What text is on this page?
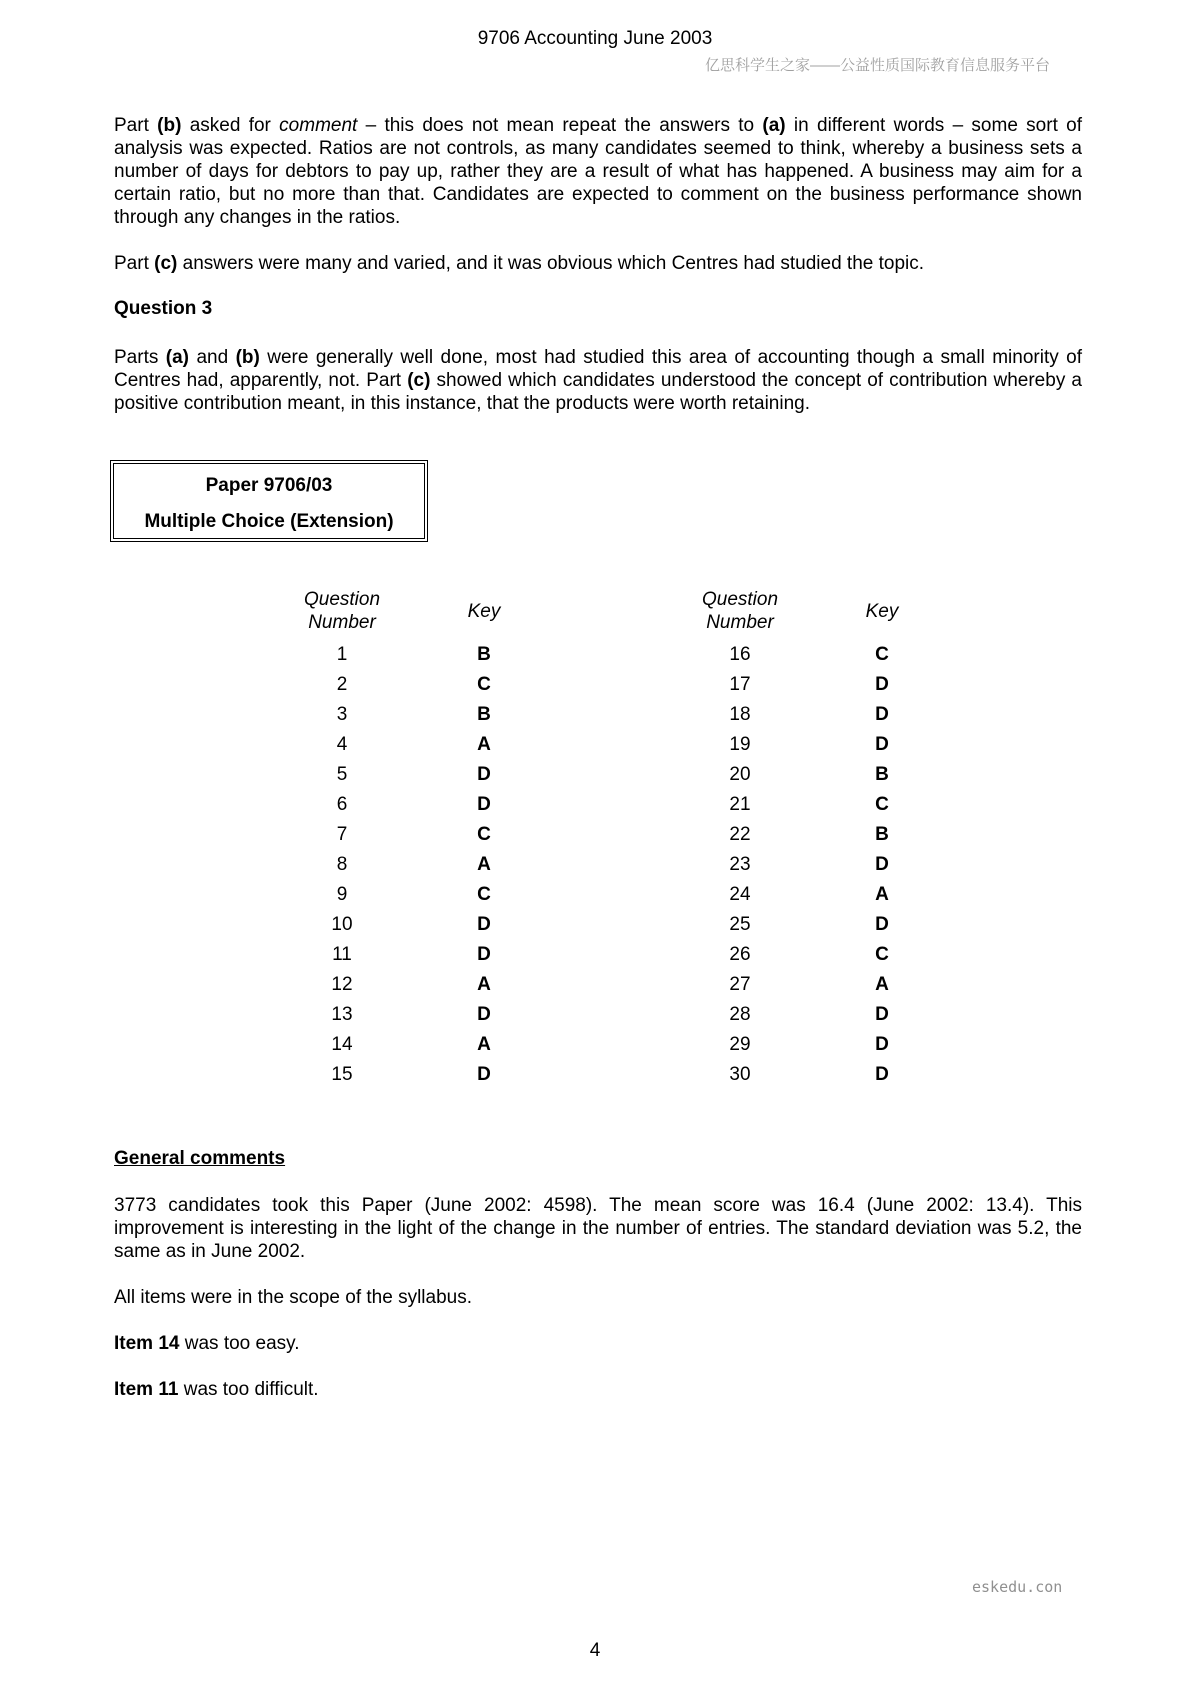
9706 Accounting June 2003
亿思科学生之家——公益性质国际教育信息服务平台

Part (b) asked for comment – this does not mean repeat the answers to (a) in different words – some sort of analysis was expected. Ratios are not controls, as many candidates seemed to think, whereby a business sets a number of days for debtors to pay up, rather they are a result of what has happened. A business may aim for a certain ratio, but no more than that. Candidates are expected to comment on the business performance shown through any changes in the ratios.

Part (c) answers were many and varied, and it was obvious which Centres had studied the topic.

Question 3

Parts (a) and (b) were generally well done, most had studied this area of accounting though a small minority of Centres had, apparently, not. Part (c) showed which candidates understood the concept of contribution whereby a positive contribution meant, in this instance, that the products were worth retaining.

Paper 9706/03
Multiple Choice (Extension)
Question
Number	Key
1	B
2	C
3	B
4	A
5	D
6	D
7	C
8	A
9	C
10	D
11	D
12	A
13	D
14	A
15	D
Question
Number	Key
16	C
17	D
18	D
19	D
20	B
21	C
22	B
23	D
24	A
25	D
26	C
27	A
28	D
29	D
30	D
General comments
3773 candidates took this Paper (June 2002: 4598). The mean score was 16.4 (June 2002: 13.4). This improvement is interesting in the light of the change in the number of entries. The standard deviation was 5.2, the same as in June 2002.
All items were in the scope of the syllabus.
Item 14 was too easy.
Item 11 was too difficult.
eskedu.con
4
